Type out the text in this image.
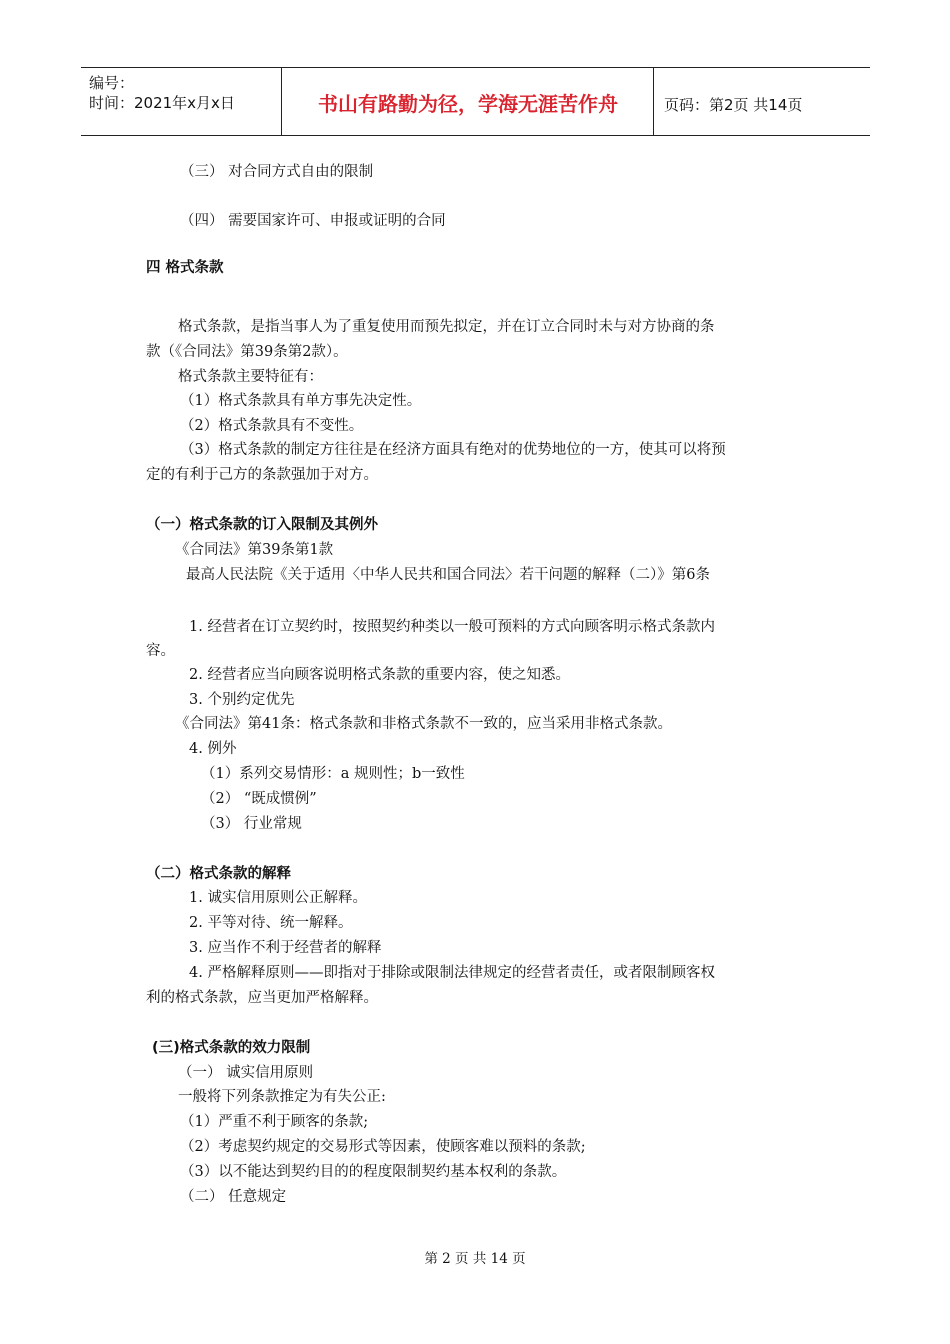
编号：
时间：2021年x月x日	书山有路勤为径，学海无涯苦作舟	页码：第2页 共14页
（三） 对合同方式自由的限制
（四） 需要国家许可、申报或证明的合同
四 格式条款
格式条款，是指当事人为了重复使用而预先拟定，并在订立合同时未与对方协商的条
款（《合同法》第39条第2款）。
格式条款主要特征有：
（1）格式条款具有单方事先决定性。
（2）格式条款具有不变性。
（3）格式条款的制定方往往是在经济方面具有绝对的优势地位的一方，使其可以将预
定的有利于己方的条款强加于对方。
（一）格式条款的订入限制及其例外
《合同法》第39条第1款
最高人民法院《关于适用〈中华人民共和国合同法〉若干问题的解释（二）》第6条
1. 经营者在订立契约时，按照契约种类以一般可预料的方式向顾客明示格式条款内
容。
2. 经营者应当向顾客说明格式条款的重要内容，使之知悉。
3. 个别约定优先
《合同法》第41条：格式条款和非格式条款不一致的，应当采用非格式条款。
4. 例外
（1）系列交易情形：a 规则性；b一致性
（2） “既成惯例”
（3） 行业常规
（二）格式条款的解释
1. 诚实信用原则公正解释。
2. 平等对待、统一解释。
3. 应当作不利于经营者的解释
4. 严格解释原则——即指对于排除或限制法律规定的经营者责任，或者限制顾客权
利的格式条款，应当更加严格解释。
(三)格式条款的效力限制
（一） 诚实信用原则
一般将下列条款推定为有失公正:
（1）严重不利于顾客的条款;
（2）考虑契约规定的交易形式等因素，使顾客难以预料的条款;
（3）以不能达到契约目的的程度限制契约基本权利的条款。
（二） 任意规定
第 2 页 共 14 页
